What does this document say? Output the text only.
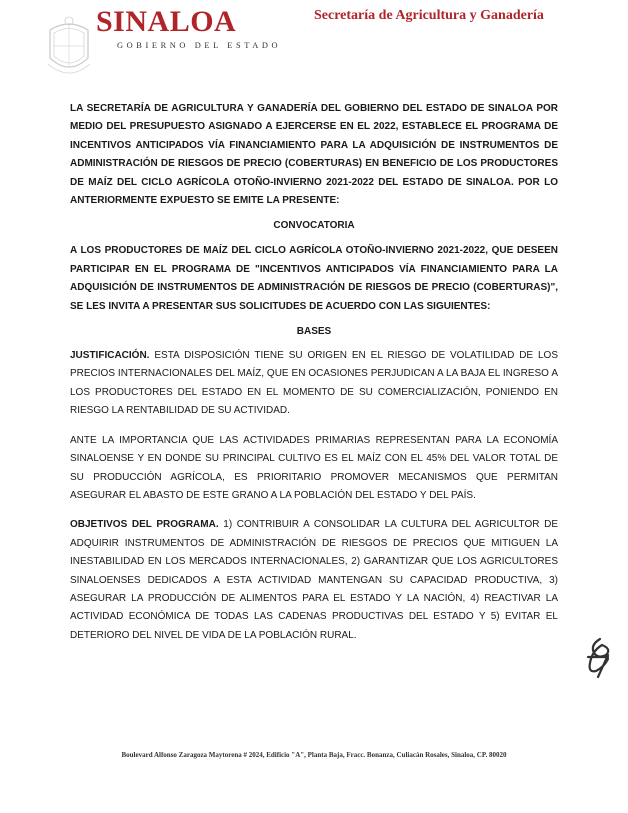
SINALOA
GOBIERNO DEL ESTADO
Secretaría de Agricultura y Ganadería

LA SECRETARÍA DE AGRICULTURA Y GANADERÍA DEL GOBIERNO DEL ESTADO DE SINALOA POR MEDIO DEL PRESUPUESTO ASIGNADO A EJERCERSE EN EL 2022, ESTABLECE EL PROGRAMA DE INCENTIVOS ANTICIPADOS VÍA FINANCIAMIENTO PARA LA ADQUISICIÓN DE INSTRUMENTOS DE ADMINISTRACIÓN DE RIESGOS DE PRECIO (COBERTURAS) EN BENEFICIO DE LOS PRODUCTORES DE MAÍZ DEL CICLO AGRÍCOLA OTOÑO-INVIERNO 2021-2022 DEL ESTADO DE SINALOA. POR LO ANTERIORMENTE EXPUESTO SE EMITE LA PRESENTE:

CONVOCATORIA

A LOS PRODUCTORES DE MAÍZ DEL CICLO AGRÍCOLA OTOÑO-INVIERNO 2021-2022, QUE DESEEN PARTICIPAR EN EL PROGRAMA DE "INCENTIVOS ANTICIPADOS VÍA FINANCIAMIENTO PARA LA ADQUISICIÓN DE INSTRUMENTOS DE ADMINISTRACIÓN DE RIESGOS DE PRECIO (COBERTURAS)", SE LES INVITA A PRESENTAR SUS SOLICITUDES DE ACUERDO CON LAS SIGUIENTES:

BASES

JUSTIFICACIÓN. ESTA DISPOSICIÓN TIENE SU ORIGEN EN EL RIESGO DE VOLATILIDAD DE LOS PRECIOS INTERNACIONALES DEL MAÍZ, QUE EN OCASIONES PERJUDICAN A LA BAJA EL INGRESO A LOS PRODUCTORES DEL ESTADO EN EL MOMENTO DE SU COMERCIALIZACIÓN, PONIENDO EN RIESGO LA RENTABILIDAD DE SU ACTIVIDAD.

ANTE LA IMPORTANCIA QUE LAS ACTIVIDADES PRIMARIAS REPRESENTAN PARA LA ECONOMÍA SINALOENSE Y EN DONDE SU PRINCIPAL CULTIVO ES EL MAÍZ CON EL 45% DEL VALOR TOTAL DE SU PRODUCCIÓN AGRÍCOLA, ES PRIORITARIO PROMOVER MECANISMOS QUE PERMITAN ASEGURAR EL ABASTO DE ESTE GRANO A LA POBLACIÓN DEL ESTADO Y DEL PAÍS.

OBJETIVOS DEL PROGRAMA. 1) CONTRIBUIR A CONSOLIDAR LA CULTURA DEL AGRICULTOR DE ADQUIRIR INSTRUMENTOS DE ADMINISTRACIÓN DE RIESGOS DE PRECIOS QUE MITIGUEN LA INESTABILIDAD EN LOS MERCADOS INTERNACIONALES, 2) GARANTIZAR QUE LOS AGRICULTORES SINALOENSES DEDICADOS A ESTA ACTIVIDAD MANTENGAN SU CAPACIDAD PRODUCTIVA, 3) ASEGURAR LA PRODUCCIÓN DE ALIMENTOS PARA EL ESTADO Y LA NACIÓN, 4) REACTIVAR LA ACTIVIDAD ECONÓMICA DE TODAS LAS CADENAS PRODUCTIVAS DEL ESTADO Y 5) EVITAR EL DETERIORO DEL NIVEL DE VIDA DE LA POBLACIÓN RURAL.

Boulevard Alfonso Zaragoza Maytorena # 2024, Edificio "A", Planta Baja, Fracc. Bonanza, Culiacán Rosales, Sinaloa, CP. 80020
